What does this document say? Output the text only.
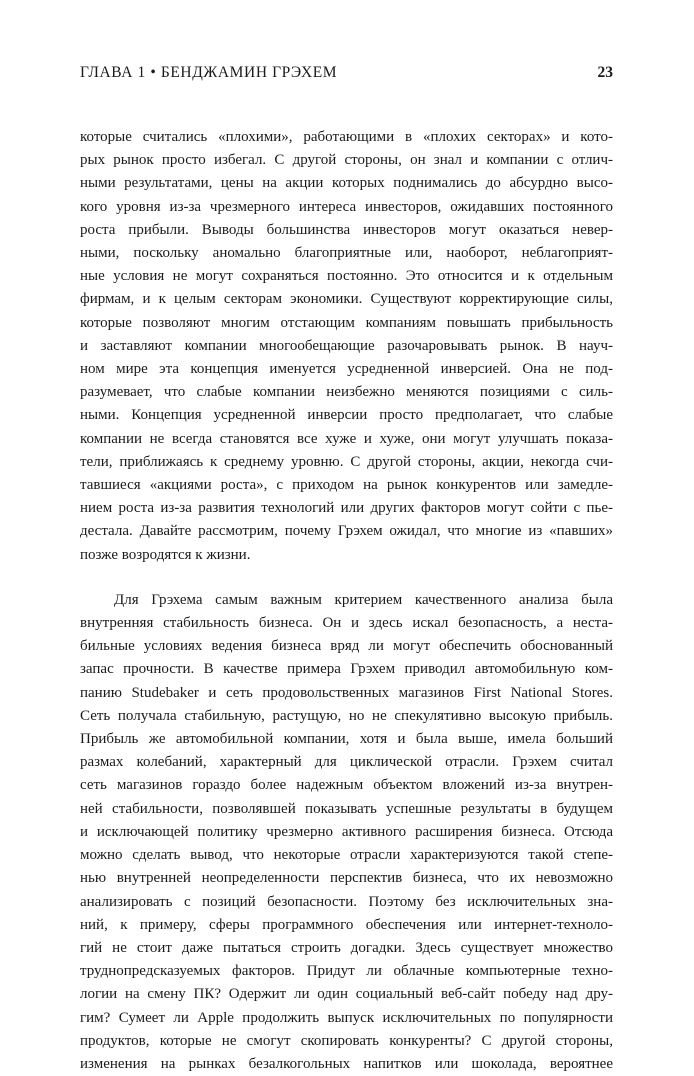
ГЛАВА 1 • БЕНДЖАМИН ГРЭХЕМ	23
которые считались «плохими», работающими в «плохих секторах» и кото-
рых рынок просто избегал. С другой стороны, он знал и компании с отлич-
ными результатами, цены на акции которых поднимались до абсурдно высо-
кого уровня из-за чрезмерного интереса инвесторов, ожидавших постоянного
роста прибыли. Выводы большинства инвесторов могут оказаться невер-
ными, поскольку аномально благоприятные или, наоборот, неблагоприят-
ные условия не могут сохраняться постоянно. Это относится и к отдельным
фирмам, и к целым секторам экономики. Существуют корректирующие силы,
которые позволяют многим отстающим компаниям повышать прибыльность
и заставляют компании многообещающие разочаровывать рынок. В науч-
ном мире эта концепция именуется усредненной инверсией. Она не под-
разумевает, что слабые компании неизбежно меняются позициями с силь-
ными. Концепция усредненной инверсии просто предполагает, что слабые
компании не всегда становятся все хуже и хуже, они могут улучшать показа-
тели, приближаясь к среднему уровню. С другой стороны, акции, некогда счи-
тавшиеся «акциями роста», с приходом на рынок конкурентов или замедле-
нием роста из-за развития технологий или других факторов могут сойти с пье-
дестала. Давайте рассмотрим, почему Грэхем ожидал, что многие из «павших»
позже возродятся к жизни.
Для Грэхема самым важным критерием качественного анализа была
внутренняя стабильность бизнеса. Он и здесь искал безопасность, а неста-
бильные условиях ведения бизнеса вряд ли могут обеспечить обоснованный
запас прочности. В качестве примера Грэхем приводил автомобильную ком-
панию Studebaker и сеть продовольственных магазинов First National Stores.
Сеть получала стабильную, растущую, но не спекулятивно высокую прибыль.
Прибыль же автомобильной компании, хотя и была выше, имела больший
размах колебаний, характерный для циклической отрасли. Грэхем считал
сеть магазинов гораздо более надежным объектом вложений из-за внутрен-
ней стабильности, позволявшей показывать успешные результаты в будущем
и исключающей политику чрезмерно активного расширения бизнеса. Отсюда
можно сделать вывод, что некоторые отрасли характеризуются такой степе-
нью внутренней неопределенности перспектив бизнеса, что их невозможно
анализировать с позиций безопасности. Поэтому без исключительных зна-
ний, к примеру, сферы программного обеспечения или интернет-техноло-
гий не стоит даже пытаться строить догадки. Здесь существует множество
труднопредсказуемых факторов. Придут ли облачные компьютерные техно-
логии на смену ПК? Одержит ли один социальный веб-сайт победу над дру-
гим? Сумеет ли Apple продолжить выпуск исключительных по популярности
продуктов, которые не смогут скопировать конкуренты? С другой стороны,
изменения на рынках безалкогольных напитков или шоколада, вероятнее
